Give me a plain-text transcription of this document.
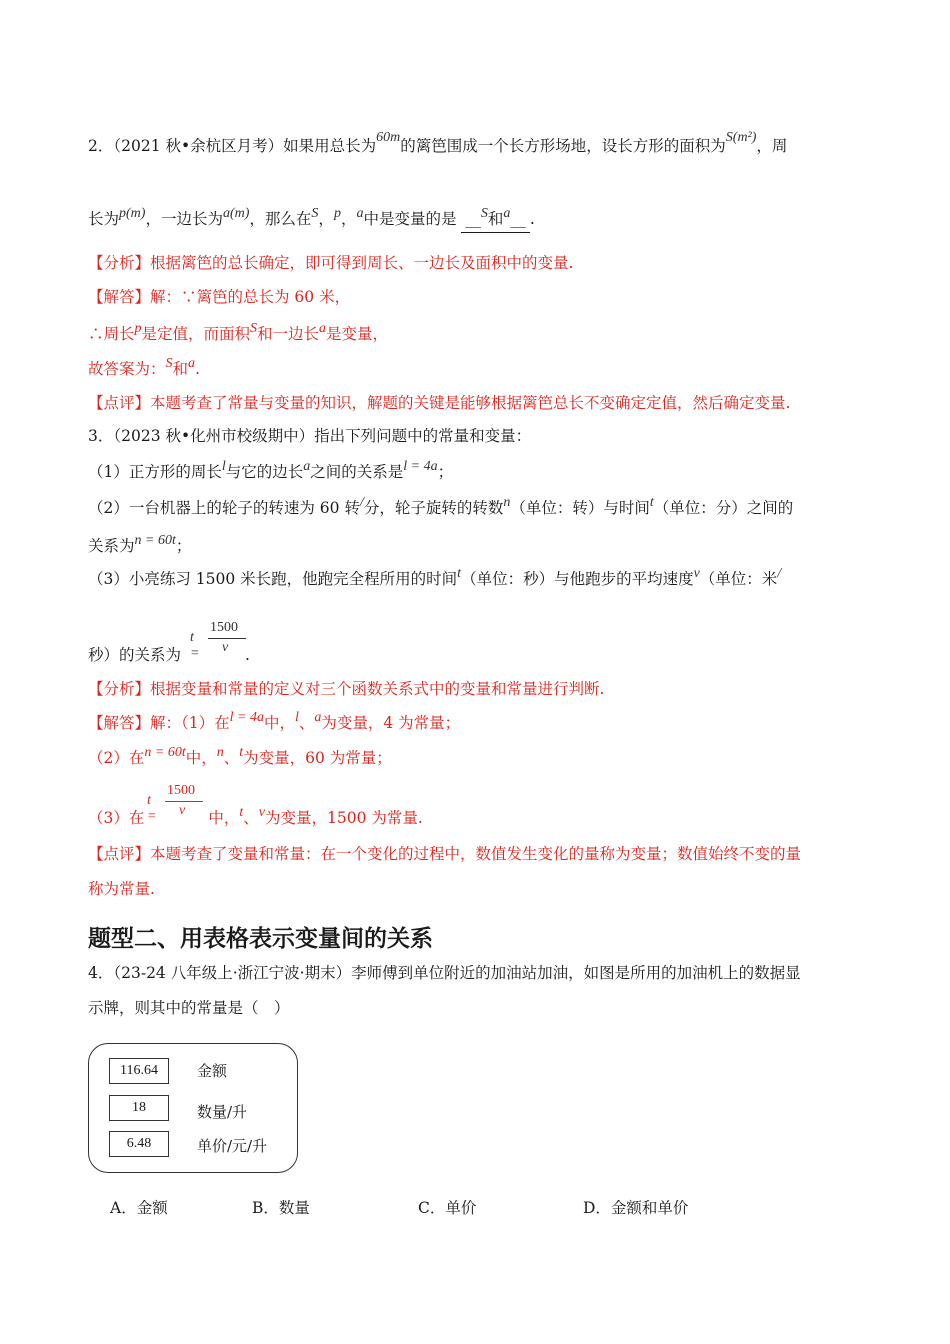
2．（2021 秋•余杭区月考）如果用总长为60m的篱笆围成一个长方形场地，设长方形的面积为S(m²)，周
长为p(m)，一边长为a(m)，那么在S，p，a中是变量的是 __S和a__ .
【分析】根据篱笆的总长确定，即可得到周长、一边长及面积中的变量.
【解答】解：∵篱笆的总长为 60 米，
∴周长p是定值，而面积S和一边长a是变量，
故答案为：S和a.
【点评】本题考查了常量与变量的知识，解题的关键是能够根据篱笆总长不变确定定值，然后确定变量.
3．（2023 秋•化州市校级期中）指出下列问题中的常量和变量：
（1）正方形的周长l与它的边长a之间的关系是l = 4a；
（2）一台机器上的轮子的转速为 60 转/分，轮子旋转的转数n（单位：转）与时间t（单位：分）之间的
关系为n = 60t；
（3）小亮练习 1500 米长跑，他跑完全程所用的时间t（单位：秒）与他跑步的平均速度v（单位：米/
秒）的关系为	.
t =
1500
v
【分析】根据变量和常量的定义对三个函数关系式中的变量和常量进行判断.
【解答】解：（1）在l = 4a中，l、a为变量，4 为常量；
（2）在n = 60t中，n、t为变量，60 为常量；
t =
1500
v
（3）在	中，t、v为变量，1500 为常量.
【点评】本题考查了变量和常量：在一个变化的过程中，数值发生变化的量称为变量；数值始终不变的量
称为常量.
题型二、用表格表示变量间的关系
4．（23-24 八年级上·浙江宁波·期末）李师傅到单位附近的加油站加油，如图是所用的加油机上的数据显
示牌，则其中的常量是（　）
116.64	金额
18	数量/升
6.48	单价/元/升
A．金额	B．数量	C．单价	D．金额和单价
